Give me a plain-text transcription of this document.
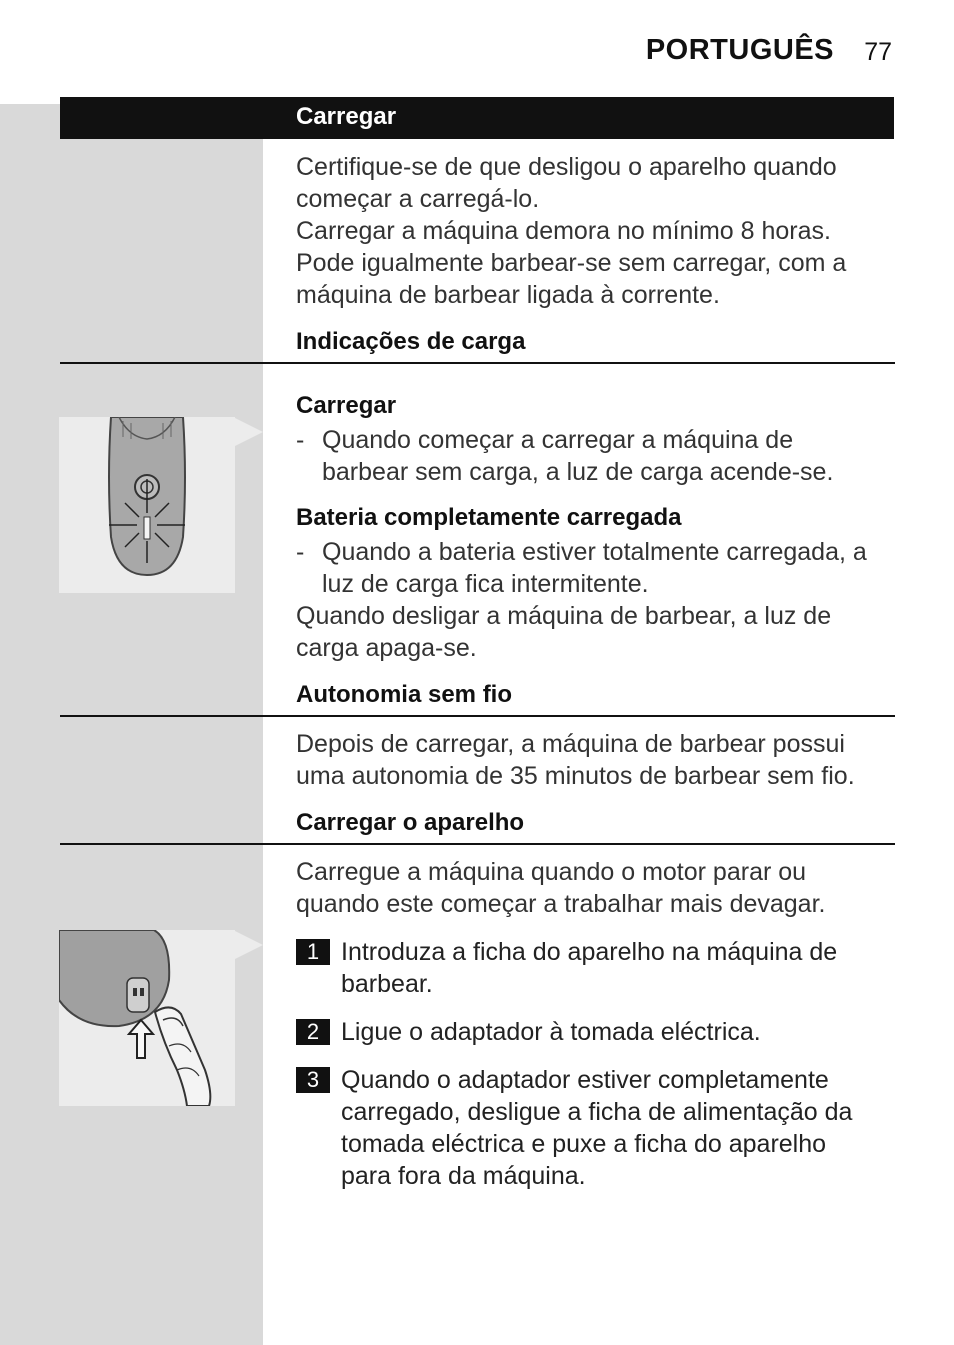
PORTUGUÊS 77
Carregar

Certifique-se de que desligou o aparelho quando

começar a carregá-lo.

Carregar a máquina demora no mínimo 8 horas.

Pode igualmente barbear-se sem carregar, com a

máquina de barbear ligada à corrente.

Indicações de carga
Carregar
- Quando começar a carregar a máquina de
barbear sem carga, a luz de carga acende-se.
Bateria completamente carregada
- Quando a bateria estiver totalmente carregada, a
luz de carga fica intermitente.

Quando desligar a máquina de barbear, a luz de

carga apaga-se.

Autonomia sem fio

Depois de carregar, a máquina de barbear possui

uma autonomia de 35 minutos de barbear sem fio.

Carregar o aparelho

Carregue a máquina quando o motor parar ou

quando este começar a trabalhar mais devagar.

1 Introduza a ficha do aparelho na máquina de
barbear.
2 Ligue o adaptador à tomada eléctrica.
3 Quando o adaptador estiver completamente
carregado, desligue a ficha de alimentação da
tomada eléctrica e puxe a ficha do aparelho
para fora da máquina.
